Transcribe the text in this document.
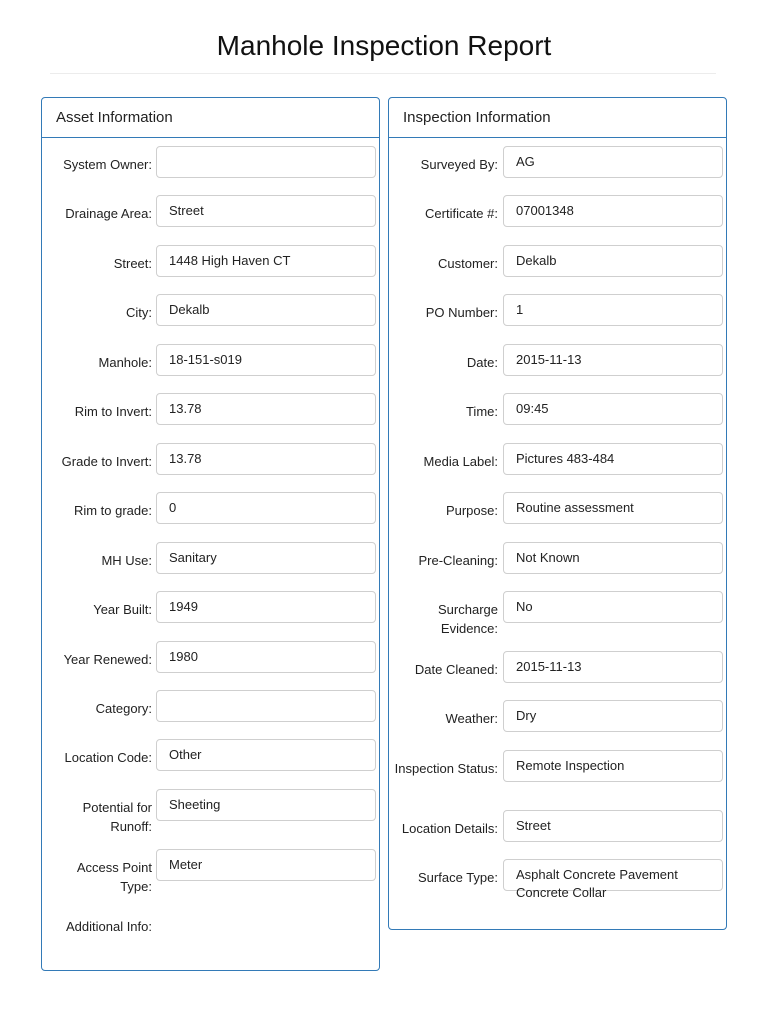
Manhole Inspection Report
Asset Information
System Owner:
Drainage Area:	Street
Street:	1448 High Haven CT
City:	Dekalb
Manhole:	18-151-s019
Rim to Invert:	13.78
Grade to Invert:	13.78
Rim to grade:	0
MH Use:	Sanitary
Year Built:	1949
Year Renewed:	1980
Category:
Location Code:	Other
Potential for Runoff:
Sheeting
Access Point Type:
Meter
Additional Info:
Inspection Information
Surveyed By:	AG
Certificate #:	07001348
Customer:	Dekalb
PO Number:	1
Date:	2015-11-13
Time:	09:45
Media Label:	Pictures 483-484
Purpose:	Routine assessment
Pre-Cleaning:	Not Known
Surcharge Evidence:
No
Date Cleaned:	2015-11-13
Weather:	Dry
Inspection Status:	Remote Inspection
Location Details:	Street
Surface Type:	Asphalt Concrete Pavement Concrete Collar
